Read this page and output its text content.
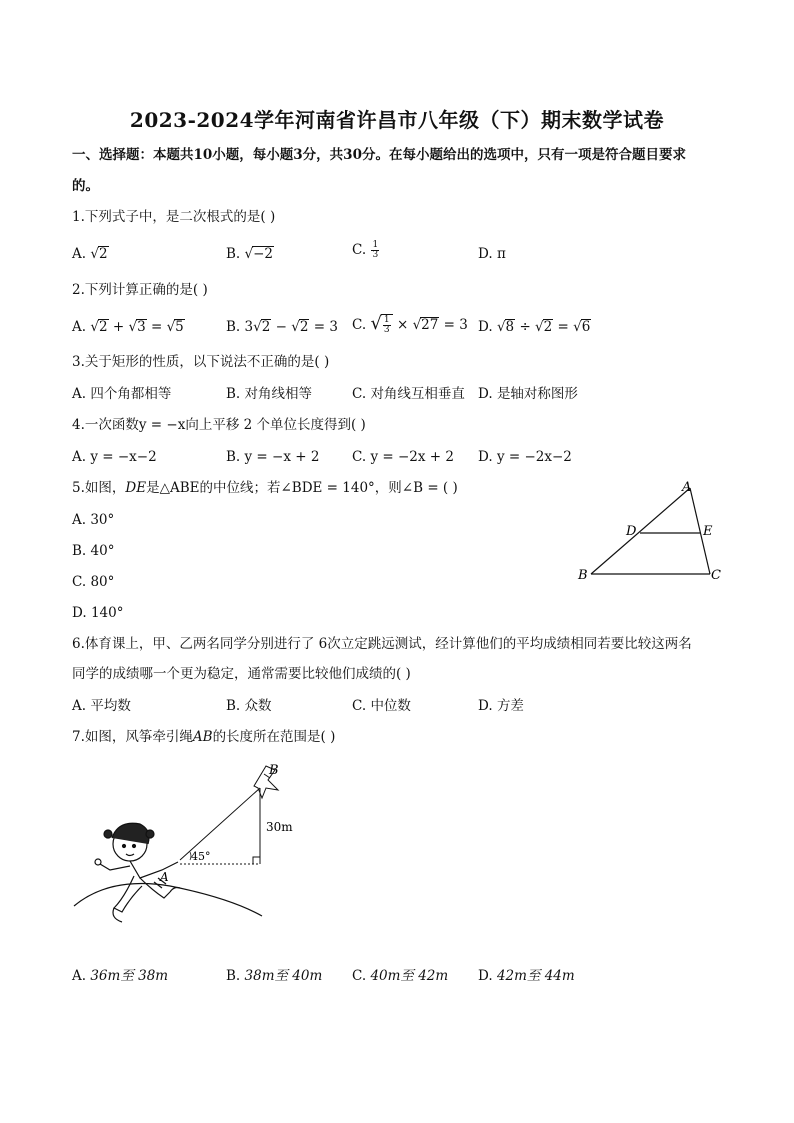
2023-2024学年河南省许昌市八年级（下）期末数学试卷
一、选择题：本题共10小题，每小题3分，共30分。在每小题给出的选项中，只有一项是符合题目要求
的。
1.下列式子中，是二次根式的是( )
A. √2	B. √−2	C. $\frac{1}{3}$	D. π
2.下列计算正确的是( )
A. √2 + √3 = √5	B. 3√2 − √2 = 3 C. √ $\frac{1}{3} \times √27 = 3$ D. √8 ÷ √2 = √6
3.关于矩形的性质，以下说法不正确的是( )
A. 四个角都相等	B. 对角线相等	C. 对角线互相垂直 D. 是轴对称图形
4.一次函数y = −x向上平移 2 个单位长度得到( )
A. y = −x−2	B. y = −x + 2 C. y = −2x + 2 D. y = −2x−2
5.如图，DE是△ABE的中位线；若∠BDE = 140°，则∠B = ( )
A. 30°
B. 40°
C. 80°
D. 140°
A
B	C
D	E
6.体育课上，甲、乙两名同学分别进行了 6次立定跳远测试，经计算他们的平均成绩相同若要比较这两名
同学的成绩哪一个更为稳定，通常需要比较他们成绩的( )
A. 平均数	B. 众数	C. 中位数	D. 方差
7.如图，风筝牵引绳AB的长度所在范围是( )
B
30m
45°
A
A. 36m至 38m	B. 38m至 40m C. 40m至 42m D. 42m至 44m
